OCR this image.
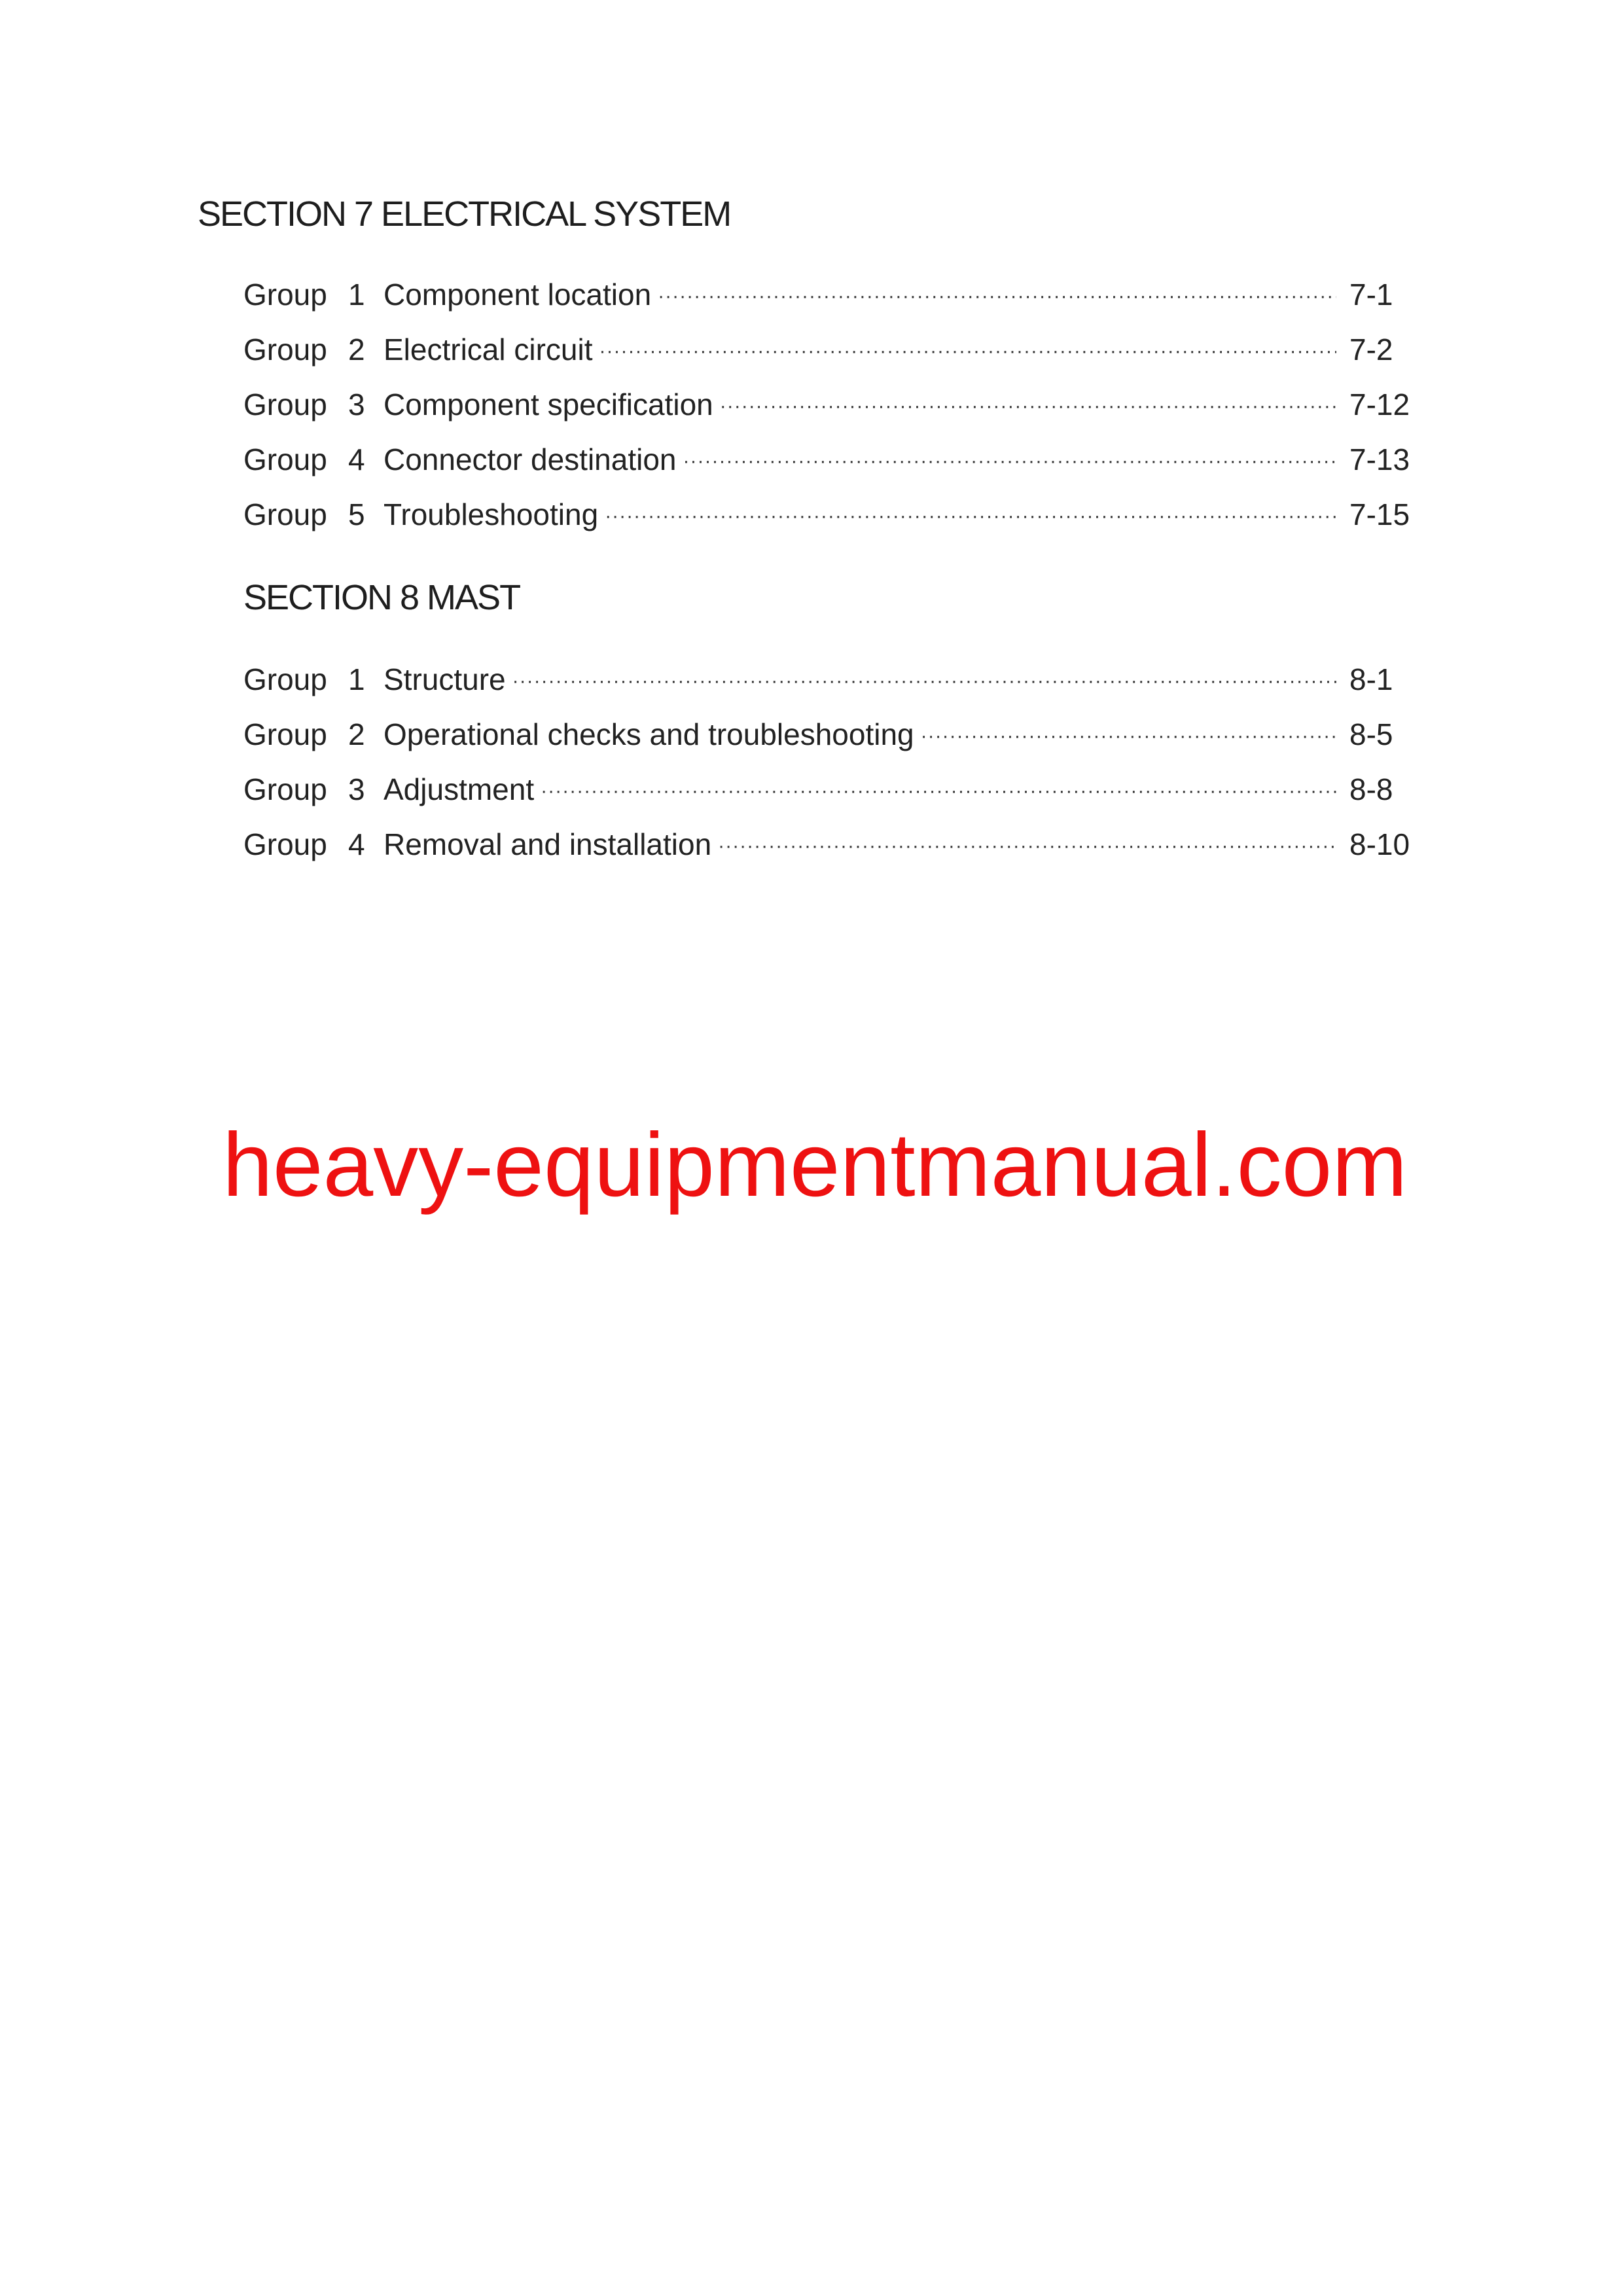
SECTION 7 ELECTRICAL SYSTEM
Group 1 Component location ·····	7-1
Group 2 Electrical circuit ·····	7-2
Group 3 Component specification ·····	7-12
Group 4 Connector destination ·····	7-13
Group 5 Troubleshooting ·····	7-15
SECTION 8 MAST
Group 1 Structure ·····	8-1
Group 2 Operational checks and troubleshooting ·····	8-5
Group 3 Adjustment ·····	8-8
Group 4 Removal and installation ·····	8-10
heavy-equipmentmanual.com
